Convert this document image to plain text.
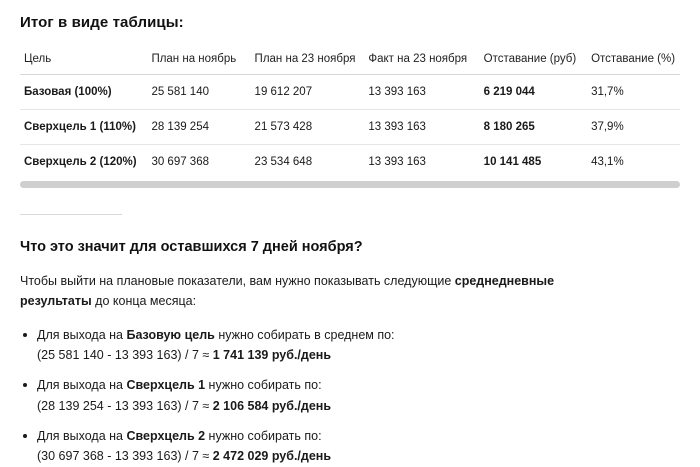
Итог в виде таблицы:
Цель	План на ноябрь	План на 23 ноября	Факт на 23 ноября	Отставание (руб)	Отставание (%)
Базовая (100%)	25 581 140	19 612 207	13 393 163	6 219 044	31,7%
Сверхцель 1 (110%)	28 139 254	21 573 428	13 393 163	8 180 265	37,9%
Сверхцель 2 (120%)	30 697 368	23 534 648	13 393 163	10 141 485	43,1%
Что это значит для оставшихся 7 дней ноября?
Чтобы выйти на плановые показатели, вам нужно показывать следующие среднедневные результаты до конца месяца:
Для выхода на Базовую цель нужно собирать в среднем по:
(25 581 140 - 13 393 163) / 7 ≈ 1 741 139 руб./день
Для выхода на Сверхцель 1 нужно собирать по:
(28 139 254 - 13 393 163) / 7 ≈ 2 106 584 руб./день
Для выхода на Сверхцель 2 нужно собирать по:
(30 697 368 - 13 393 163) / 7 ≈ 2 472 029 руб./день
